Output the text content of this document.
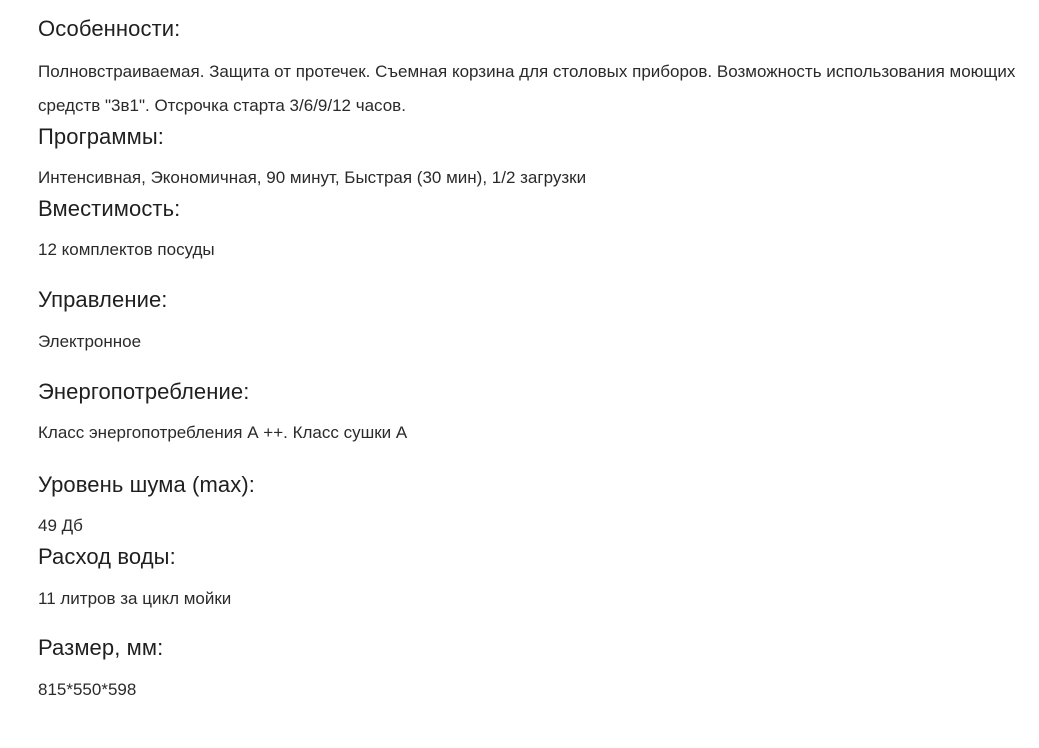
Особенности:

Полновстраиваемая. Защита от протечек. Съемная корзина для столовых приборов. Возможность использования моющих средств "3в1". Отсрочка старта 3/6/9/12 часов.

Программы:

Интенсивная, Экономичная, 90 минут, Быстрая (30 мин), 1/2 загрузки

Вместимость:

12 комплектов посуды

Управление:

Электронное

Энергопотребление:

Класс энергопотребления А ++. Класс сушки А

Уровень шума (max):

49 Дб

Расход воды:

11 литров за цикл мойки

Размер, мм:

815*550*598
